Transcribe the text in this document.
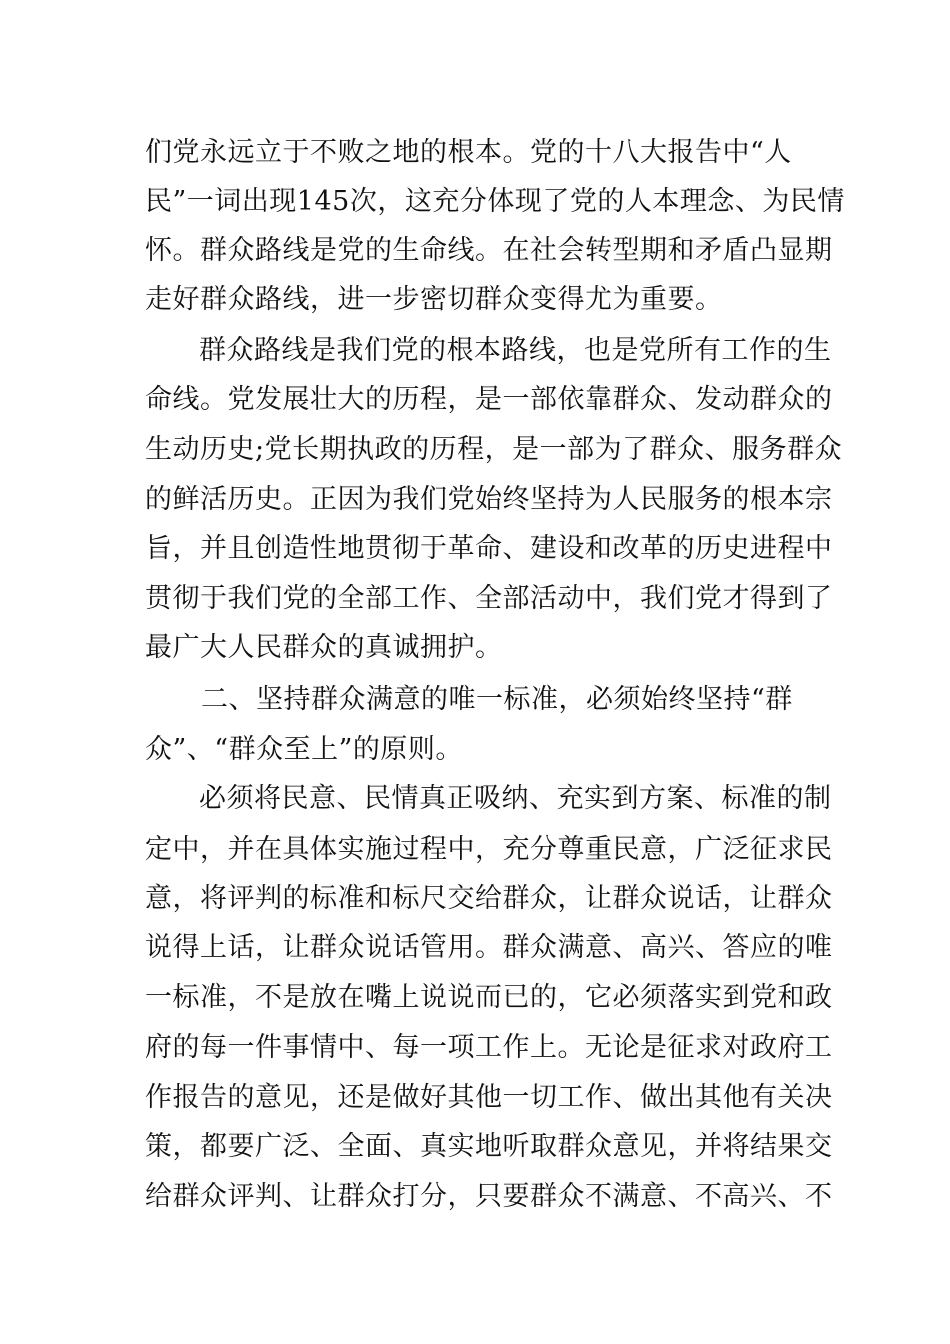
们党永远立于不败之地的根本。党的十八大报告中“人
民”一词出现145次，这充分体现了党的人本理念、为民情
怀。群众路线是党的生命线。在社会转型期和矛盾凸显期
走好群众路线，进一步密切群众变得尤为重要。
群众路线是我们党的根本路线，也是党所有工作的生
命线。党发展壮大的历程，是一部依靠群众、发动群众的
生动历史;党长期执政的历程，是一部为了群众、服务群众
的鲜活历史。正因为我们党始终坚持为人民服务的根本宗
旨，并且创造性地贯彻于革命、建设和改革的历史进程中
贯彻于我们党的全部工作、全部活动中，我们党才得到了
最广大人民群众的真诚拥护。
二、坚持群众满意的唯一标准，必须始终坚持“群
众”、“群众至上”的原则。
必须将民意、民情真正吸纳、充实到方案、标准的制
定中，并在具体实施过程中，充分尊重民意，广泛征求民
意，将评判的标准和标尺交给群众，让群众说话，让群众
说得上话，让群众说话管用。群众满意、高兴、答应的唯
一标准，不是放在嘴上说说而已的，它必须落实到党和政
府的每一件事情中、每一项工作上。无论是征求对政府工
作报告的意见，还是做好其他一切工作、做出其他有关决
策，都要广泛、全面、真实地听取群众意见，并将结果交
给群众评判、让群众打分，只要群众不满意、不高兴、不
